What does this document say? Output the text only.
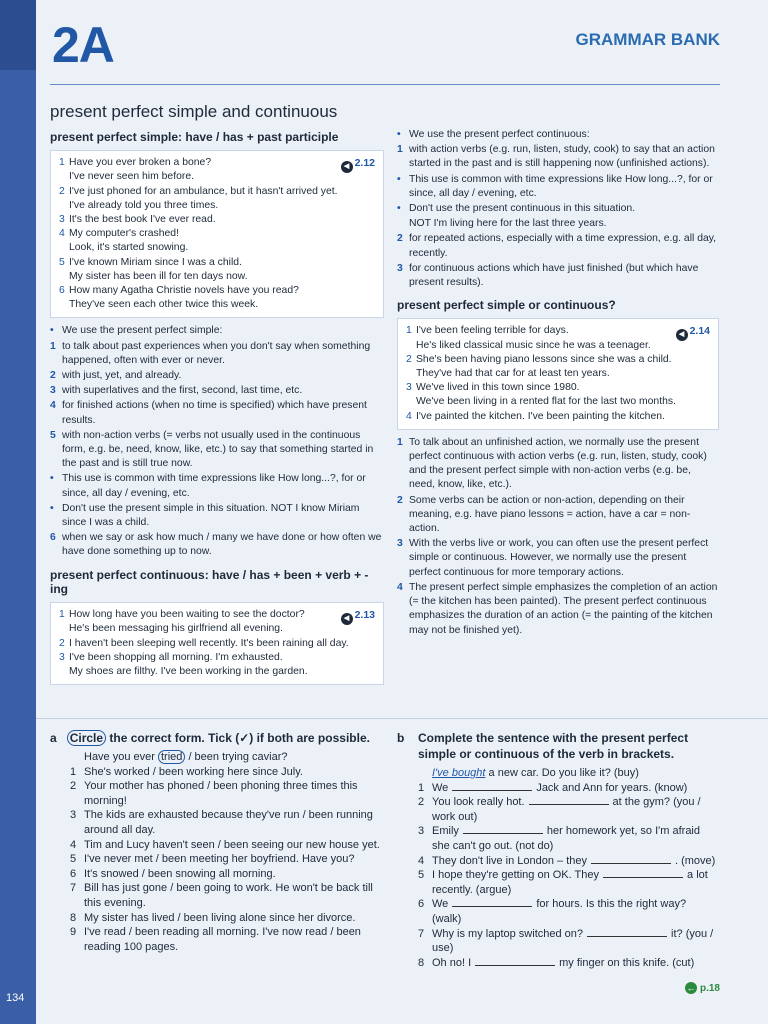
134
2A	GRAMMAR BANK
present perfect simple and continuous
present perfect simple: have / has + past participle
◀ 2.12
1 Have you ever broken a bone?
I've never seen him before.
2 I've just phoned for an ambulance, but it hasn't arrived yet.
I've already told you three times.
3 It's the best book I've ever read.
4 My computer's crashed!
Look, it's started snowing.
5 I've known Miriam since I was a child.
My sister has been ill for ten days now.
6 How many Agatha Christie novels have you read?
They've seen each other twice this week.
• We use the present perfect simple:
1 to talk about past experiences when you don't say when something happened, often with ever or never.
2 with just, yet, and already.
3 with superlatives and the first, second, last time, etc.
4 for finished actions (when no time is specified) which have present results.
5 with non-action verbs (= verbs not usually used in the continuous form, e.g. be, need, know, like, etc.) to say that something started in the past and is still true now.
• This use is common with time expressions like How long...?, for or since, all day / evening, etc.
• Don't use the present simple in this situation. NOT I know Miriam since I was a child.
6 when we say or ask how much / many we have done or how often we have done something up to now.
present perfect continuous: have / has + been + verb + -ing
◀ 2.13
1 How long have you been waiting to see the doctor?
He's been messaging his girlfriend all evening.
2 I haven't been sleeping well recently. It's been raining all day.
3 I've been shopping all morning. I'm exhausted.
My shoes are filthy. I've been working in the garden.
• We use the present perfect continuous:
1 with action verbs (e.g. run, listen, study, cook) to say that an action started in the past and is still happening now (unfinished actions).
• This use is common with time expressions like How long...?, for or since, all day / evening, etc.
• Don't use the present continuous in this situation.
NOT I'm living here for the last three years.
2 for repeated actions, especially with a time expression, e.g. all day, recently.
3 for continuous actions which have just finished (but which have present results).
present perfect simple or continuous?
◀ 2.14
1 I've been feeling terrible for days.
He's liked classical music since he was a teenager.
2 She's been having piano lessons since she was a child.
They've had that car for at least ten years.
3 We've lived in this town since 1980.
We've been living in a rented flat for the last two months.
4 I've painted the kitchen. I've been painting the kitchen.
1 To talk about an unfinished action, we normally use the present perfect continuous with action verbs (e.g. run, listen, study, cook) and the present perfect simple with non-action verbs (e.g. be, need, know, like, etc.).
2 Some verbs can be action or non-action, depending on their meaning, e.g. have piano lessons = action, have a car = non-action.
3 With the verbs live or work, you can often use the present perfect simple or continuous. However, we normally use the present perfect continuous for more temporary actions.
4 The present perfect simple emphasizes the completion of an action (= the kitchen has been painted). The present perfect continuous emphasizes the duration of an action (= the painting of the kitchen may not be finished yet).
a Circle the correct form. Tick (✓) if both are possible.
Have you ever tried / been trying caviar?
1 She's worked / been working here since July.
2 Your mother has phoned / been phoning three times this morning!
3 The kids are exhausted because they've run / been running around all day.
4 Tim and Lucy haven't seen / been seeing our new house yet.
5 I've never met / been meeting her boyfriend. Have you?
6 It's snowed / been snowing all morning.
7 Bill has just gone / been going to work. He won't be back till this evening.
8 My sister has lived / been living alone since her divorce.
9 I've read / been reading all morning. I've now read / been reading 100 pages.
b	Complete the sentence with the present perfect simple or continuous of the verb in brackets.
I've bought a new car. Do you like it? (buy)
1 We	Jack and Ann for years. (know)
2 You look really hot.	at the gym? (you / work out)
3 Emily	her homework yet, so I'm afraid she can't go out. (not do)
4 They don't live in London – they	. (move)
5 I hope they're getting on OK. They	a lot recently. (argue)
6 We	for hours. Is this the right way? (walk)
7 Why is my laptop switched on?	it? (you / use)
8 Oh no! I	my finger on this knife. (cut)
← p.18
